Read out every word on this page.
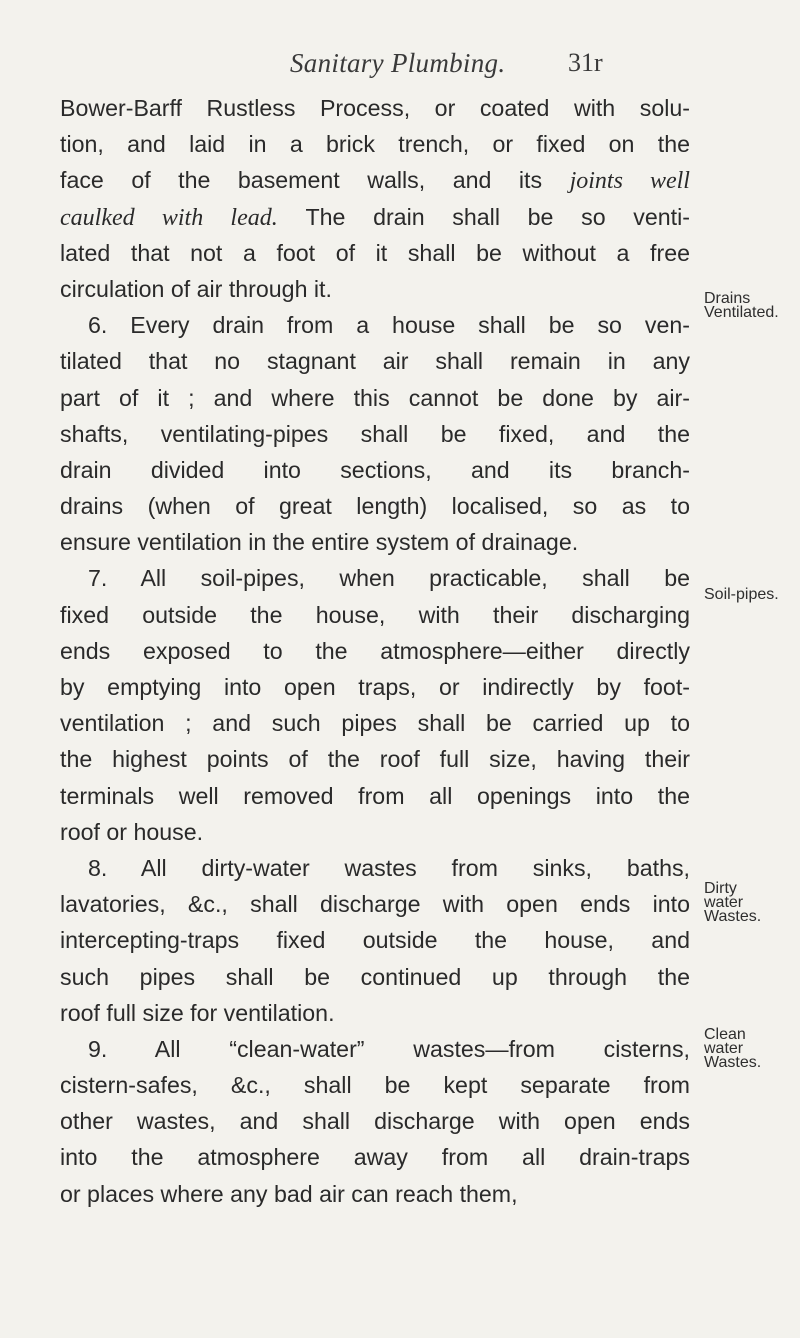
Sanitary Plumbing. 31r
Bower-Barff Rustless Process, or coated with solu-
tion, and laid in a brick trench, or fixed on the
face of the basement walls, and its joints well
caulked with lead. The drain shall be so venti-
lated that not a foot of it shall be without a free
circulation of air through it.
6. Every drain from a house shall be so ven-
tilated that no stagnant air shall remain in any
part of it ; and where this cannot be done by air-
shafts, ventilating-pipes shall be fixed, and the
drain divided into sections, and its branch-
drains (when of great length) localised, so as to
ensure ventilation in the entire system of drainage.
7. All soil-pipes, when practicable, shall be
fixed outside the house, with their discharging
ends exposed to the atmosphere—either directly
by emptying into open traps, or indirectly by foot-
ventilation ; and such pipes shall be carried up to
the highest points of the roof full size, having their
terminals well removed from all openings into the
roof or house.
8. All dirty-water wastes from sinks, baths,
lavatories, &c., shall discharge with open ends into
intercepting-traps fixed outside the house, and
such pipes shall be continued up through the
roof full size for ventilation.
9. All “clean-water” wastes—from cisterns,
cistern-safes, &c., shall be kept separate from
other wastes, and shall discharge with open ends
into the atmosphere away from all drain-traps
or places where any bad air can reach them,
Drains
Ventilated.
Soil-pipes.
Dirty
water
Wastes.
Clean
water
Wastes.
